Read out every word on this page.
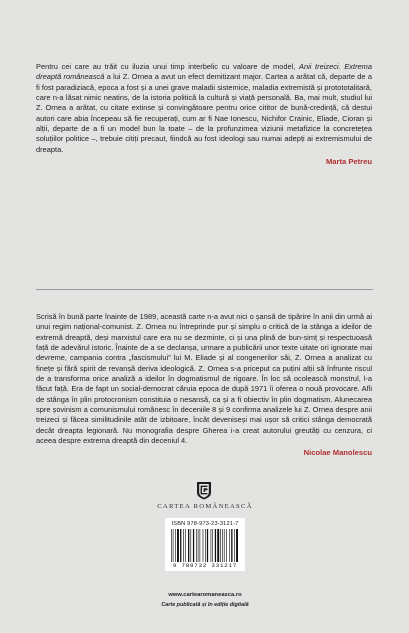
Pentru cei care au trăit cu iluzia unui timp interbelic cu valoare de model, Anii treizeci. Extrema dreaptă românească a lui Z. Ornea a avut un efect demitizant major. Cartea a arătat că, departe de a fi fost paradiziacă, epoca a fost și a unei grave maladii sistemice, maladia extremistă și protototalitară, care n-a lăsat nimic neatins, de la istoria politică la cultură și viață personală. Ba, mai mult, studiul lui Z. Ornea a arătat, cu citate extinse și convingătoare pentru orice cititor de bună-credință, că destui autori care abia începeau să fie recuperați, cum ar fi Nae Ionescu, Nichifor Crainic, Eliade, Cioran și alții, departe de a fi un model bun la toate – de la profunzimea viziunii metafizice la concretețea soluțiilor politice –, trebuie citiți precaut, fiindcă au fost ideologi sau numai adepți ai extremismului de dreapta.

Marta Petreu

Scrisă în bună parte înainte de 1989, această carte n-a avut nici o șansă de tipărire în anii din urmă ai unui regim național-comunist. Z. Ornea nu întreprinde pur și simplu o critică de la stânga a ideilor de extremă dreaptă, deși marxistul care era nu se dezminte, ci și una plină de bun-simț și respectuoasă față de adevărul istoric. Înainte de a se declanșa, urmare a publicării unor texte uitate ori ignorate mai devreme, campania contra „fascismului” lui M. Eliade și al congenerilor săi, Z. Ornea a analizat cu finețe și fără spirit de revanșă deriva ideologică. Z. Ornea s-a priceput ca puțini alții să înfrunte riscul de a transforma orice analiză a ideilor în dogmatismul de rigoare. În loc să ocolească monstrul, l-a făcut față. Era de fapt un social-democrat căruia epoca de după 1971 îi oferea o nouă provocare. Afli de stânga în plin protocronism constituia o nesansă, ca și a fi obiectiv în plin dogmatism. Alunecarea spre șovinism a comunismului românesc în deceniile 8 și 9 confirma analizele lui Z. Ornea despre anii treizeci și făcea similitudinile atât de izbitoare, încât deveniseși mai ușor să critici stânga democrată decât dreapta legionară. Nu monografia despre Gherea i-a creat autorului greutăți cu cenzura, ci aceea despre extrema dreaptă din deceniul 4.

Nicolae Manolescu
CARTEA ROMÂNEASCĂ
ISBN 978-973-23-3121-7
9 789732 331217
www.cartearomaneasca.ro
Carte publicată și în ediție digitală
